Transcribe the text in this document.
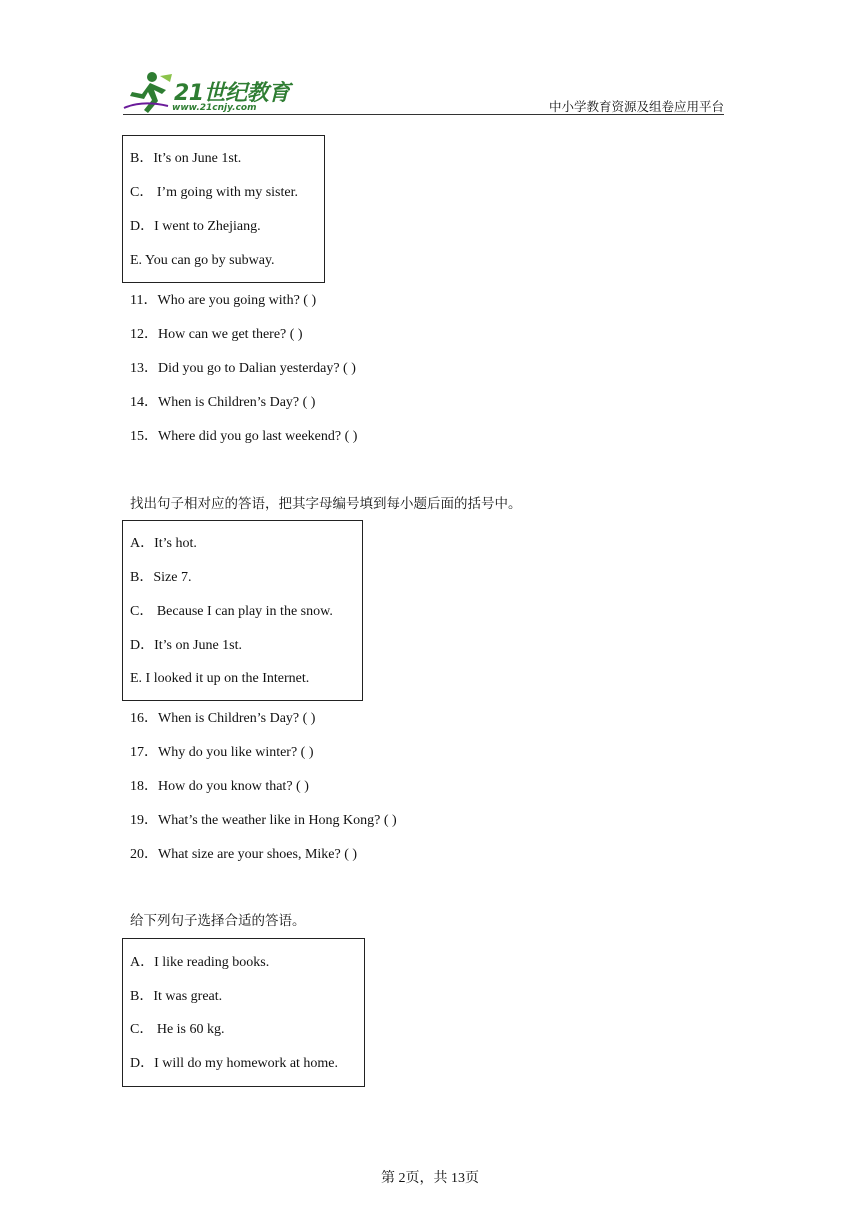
21世纪教育
www.21cnjy.com	中小学教育资源及组卷应用平台
B．It’s on June 1st.
C． I’m going with my sister.
D．I went to Zhejiang.
E. You can go by subway.
11．Who are you going with? ( )
12．How can we get there? ( )
13．Did you go to Dalian yesterday? ( )
14．When is Children’s Day? ( )
15．Where did you go last weekend? ( )
找出句子相对应的答语，把其字母编号填到每小题后面的括号中。
A．It’s hot.
B．Size 7.
C． Because I can play in the snow.
D．It’s on June 1st.
E. I looked it up on the Internet.
16．When is Children’s Day? ( )
17．Why do you like winter? ( )
18．How do you know that? ( )
19．What’s the weather like in Hong Kong? ( )
20．What size are your shoes, Mike? ( )
给下列句子选择合适的答语。
A．I like reading books.
B．It was great.
C． He is 60 kg.
D．I will do my homework at home.
第 2页，共 13页
